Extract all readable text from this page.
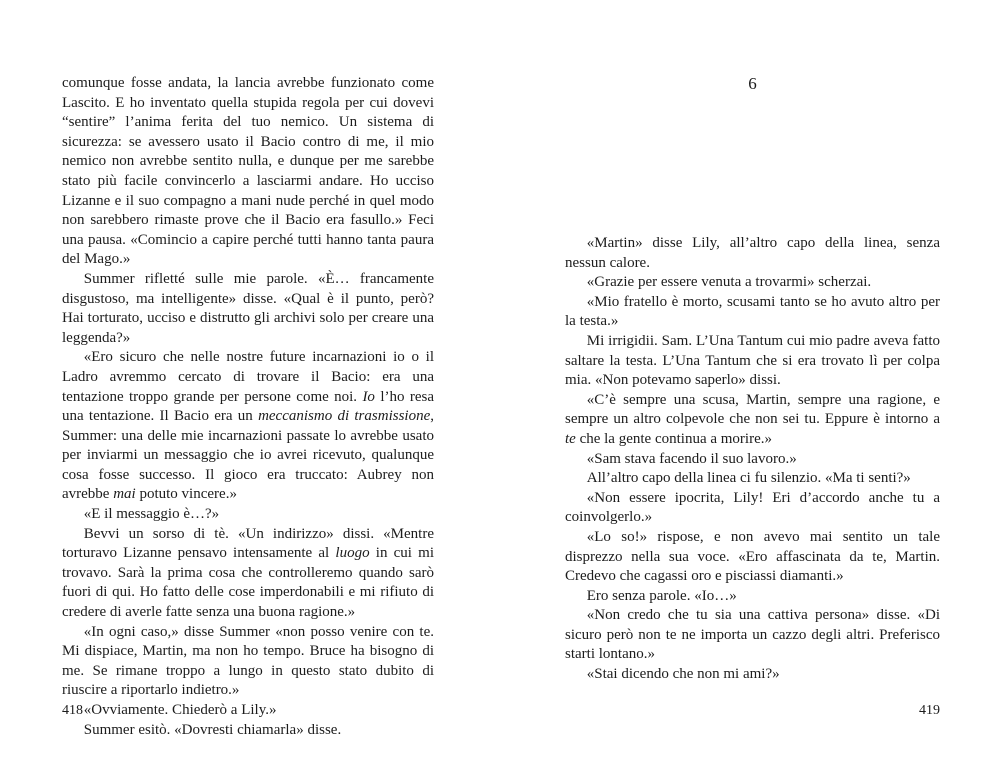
comunque fosse andata, la lancia avrebbe funzionato come Lascito. E ho inventato quella stupida regola per cui dovevi “sentire” l’anima ferita del tuo nemico. Un sistema di sicurezza: se avessero usato il Bacio contro di me, il mio nemico non avrebbe sentito nulla, e dunque per me sarebbe stato più facile convincerlo a lasciarmi andare. Ho ucciso Lizanne e il suo compagno a mani nude perché in quel modo non sarebbero rimaste prove che il Bacio era fasullo.» Feci una pausa. «Comincio a capire perché tutti hanno tanta paura del Mago.»

Summer rifletté sulle mie parole. «È… francamente disgustoso, ma intelligente» disse. «Qual è il punto, però? Hai torturato, ucciso e distrutto gli archivi solo per creare una leggenda?»

«Ero sicuro che nelle nostre future incarnazioni io o il Ladro avremmo cercato di trovare il Bacio: era una tentazione troppo grande per persone come noi. Io l’ho resa una tentazione. Il Bacio era un meccanismo di trasmissione, Summer: una delle mie incarnazioni passate lo avrebbe usato per inviarmi un messaggio che io avrei ricevuto, qualunque cosa fosse successo. Il gioco era truccato: Aubrey non avrebbe mai potuto vincere.»

«E il messaggio è…?»

Bevvi un sorso di tè. «Un indirizzo» dissi. «Mentre torturavo Lizanne pensavo intensamente al luogo in cui mi trovavo. Sarà la prima cosa che controlleremo quando sarò fuori di qui. Ho fatto delle cose imperdonabili e mi rifiuto di credere di averle fatte senza una buona ragione.»

«In ogni caso,» disse Summer «non posso venire con te. Mi dispiace, Martin, ma non ho tempo. Bruce ha bisogno di me. Se rimane troppo a lungo in questo stato dubito di riuscire a riportarlo indietro.»

«Ovviamente. Chiederò a Lily.»

Summer esitò. «Dovresti chiamarla» disse.

6

«Martin» disse Lily, all’altro capo della linea, senza nessun calore.

«Grazie per essere venuta a trovarmi» scherzai.

«Mio fratello è morto, scusami tanto se ho avuto altro per la testa.»

Mi irrigidii. Sam. L’Una Tantum cui mio padre aveva fatto saltare la testa. L’Una Tantum che si era trovato lì per colpa mia. «Non potevamo saperlo» dissi.

«C’è sempre una scusa, Martin, sempre una ragione, e sempre un altro colpevole che non sei tu. Eppure è intorno a te che la gente continua a morire.»

«Sam stava facendo il suo lavoro.»

All’altro capo della linea ci fu silenzio. «Ma ti senti?»

«Non essere ipocrita, Lily! Eri d’accordo anche tu a coinvolgerlo.»

«Lo so!» rispose, e non avevo mai sentito un tale disprezzo nella sua voce. «Ero affascinata da te, Martin. Credevo che cagassi oro e pisciassi diamanti.»

Ero senza parole. «Io…»

«Non credo che tu sia una cattiva persona» disse. «Di sicuro però non te ne importa un cazzo degli altri. Preferisco starti lontano.»

«Stai dicendo che non mi ami?»

418	419
